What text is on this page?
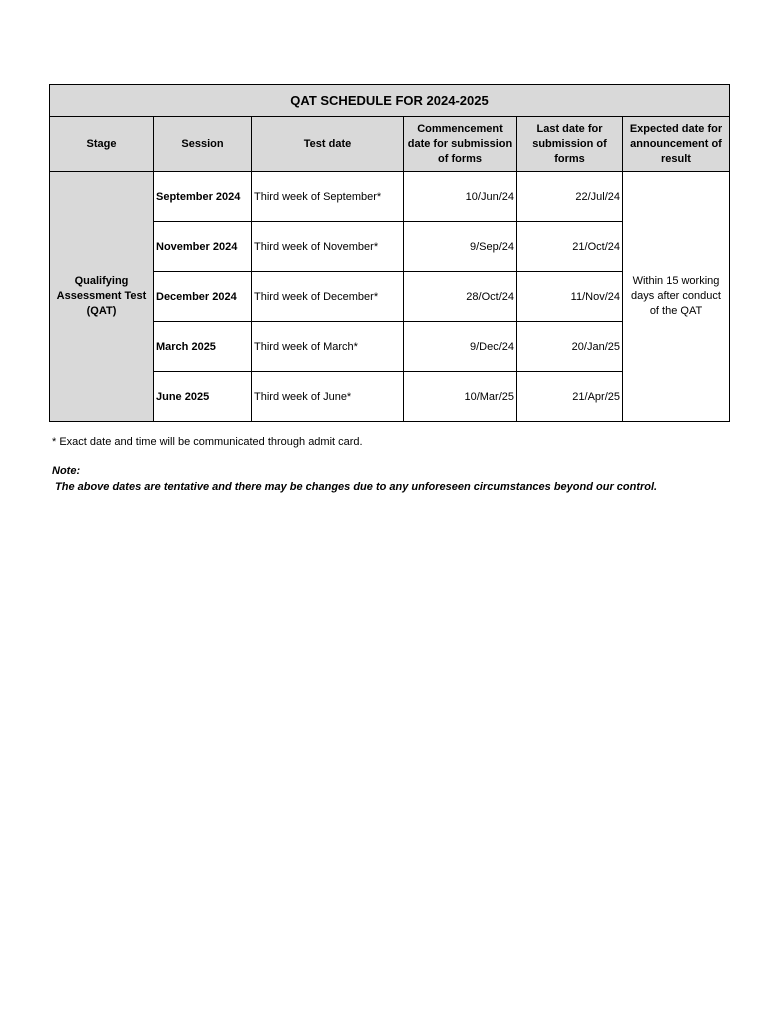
QAT SCHEDULE FOR 2024-2025					
Stage	Session	Test date	Commencement date for submission of forms	Last date for submission of forms	Expected date for announcement of result
Qualifying Assessment Test (QAT)	September 2024	Third week of September*	10/Jun/24	22/Jul/24	Within 15 working days after conduct of the QAT
	November 2024	Third week of November*	9/Sep/24	21/Oct/24	
	December 2024	Third week of December*	28/Oct/24	11/Nov/24	
	March 2025	Third week of March*	9/Dec/24	20/Jan/25	
	June 2025	Third week of June*	10/Mar/25	21/Apr/25	
* Exact date and time will be communicated through admit card.
Note:
The above dates are tentative and there may be changes due to any unforeseen circumstances beyond our control.
